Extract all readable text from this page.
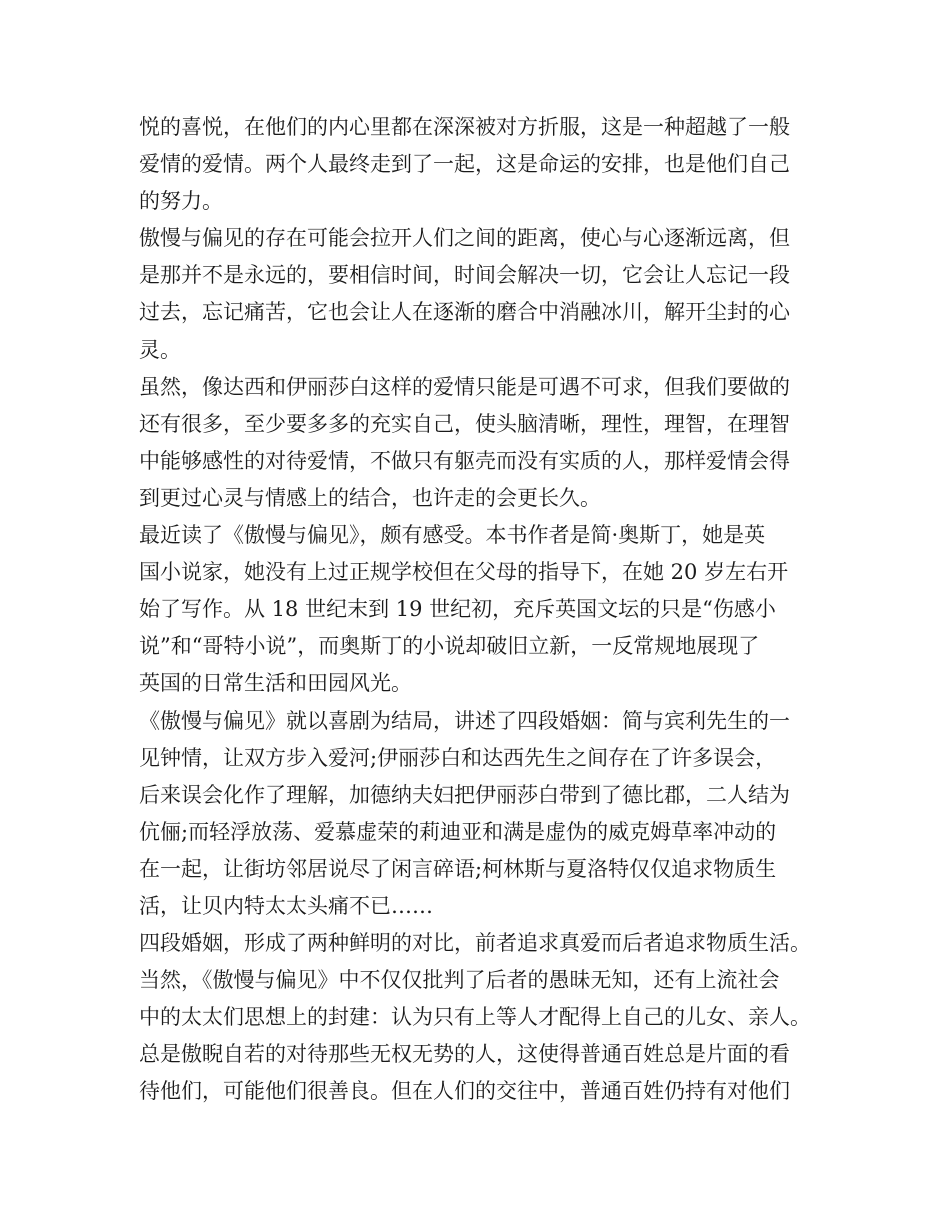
悦的喜悦，在他们的内心里都在深深被对方折服，这是一种超越了一般
爱情的爱情。两个人最终走到了一起，这是命运的安排，也是他们自己
的努力。
傲慢与偏见的存在可能会拉开人们之间的距离，使心与心逐渐远离，但
是那并不是永远的，要相信时间，时间会解决一切，它会让人忘记一段
过去，忘记痛苦，它也会让人在逐渐的磨合中消融冰川，解开尘封的心
灵。
虽然，像达西和伊丽莎白这样的爱情只能是可遇不可求，但我们要做的
还有很多，至少要多多的充实自己，使头脑清晰，理性，理智，在理智
中能够感性的对待爱情，不做只有躯壳而没有实质的人，那样爱情会得
到更过心灵与情感上的结合，也许走的会更长久。
最近读了《傲慢与偏见》，颇有感受。本书作者是简·奥斯丁，她是英
国小说家，她没有上过正规学校但在父母的指导下，在她 20 岁左右开
始了写作。从 18 世纪末到 19 世纪初，充斥英国文坛的只是“伤感小
说”和“哥特小说”，而奥斯丁的小说却破旧立新，一反常规地展现了
英国的日常生活和田园风光。
《傲慢与偏见》就以喜剧为结局，讲述了四段婚姻：简与宾利先生的一
见钟情，让双方步入爱河;伊丽莎白和达西先生之间存在了许多误会，
后来误会化作了理解，加德纳夫妇把伊丽莎白带到了德比郡，二人结为
伉俪;而轻浮放荡、爱慕虚荣的莉迪亚和满是虚伪的威克姆草率冲动的
在一起，让街坊邻居说尽了闲言碎语;柯林斯与夏洛特仅仅追求物质生
活，让贝内特太太头痛不已……
四段婚姻，形成了两种鲜明的对比，前者追求真爱而后者追求物质生活。
当然，《傲慢与偏见》中不仅仅批判了后者的愚昧无知，还有上流社会
中的太太们思想上的封建：认为只有上等人才配得上自己的儿女、亲人。
总是傲睨自若的对待那些无权无势的人，这使得普通百姓总是片面的看
待他们，可能他们很善良。但在人们的交往中，普通百姓仍持有对他们
